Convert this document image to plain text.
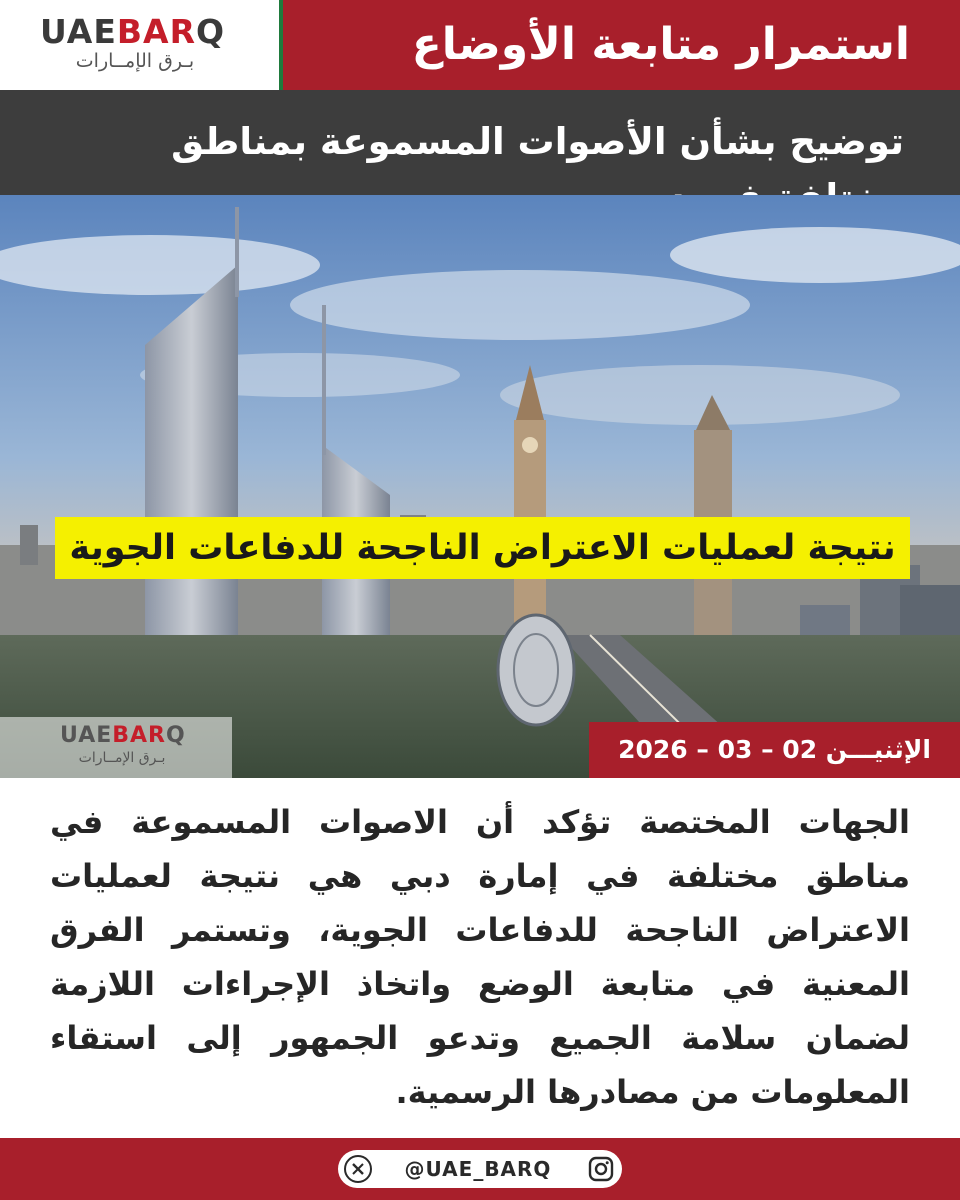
UAEBARQ
بـرق الإمــارات	استمرار متابعة الأوضاع
توضيح بشأن الأصوات المسموعة بمناطق
نتيجة لعمليات الاعتراض الناجحة للدفاعات الجوية
UAEBARQ
بـرق الإمــارات	الإثنيـــن 02 – 03 – 2026
الجهات المختصة تؤكد أن الاصوات المسموعة في مناطق مختلفة في إمارة دبي هي نتيجة لعمليات الاعتراض الناجحة للدفاعات الجوية، وتستمر الفرق المعنية في متابعة الوضع واتخاذ الإجراءات اللازمة لضمان سلامة الجميع وتدعو الجمهور إلى استقاء المعلومات من مصادرها الرسمية.
@UAE_BARQ
